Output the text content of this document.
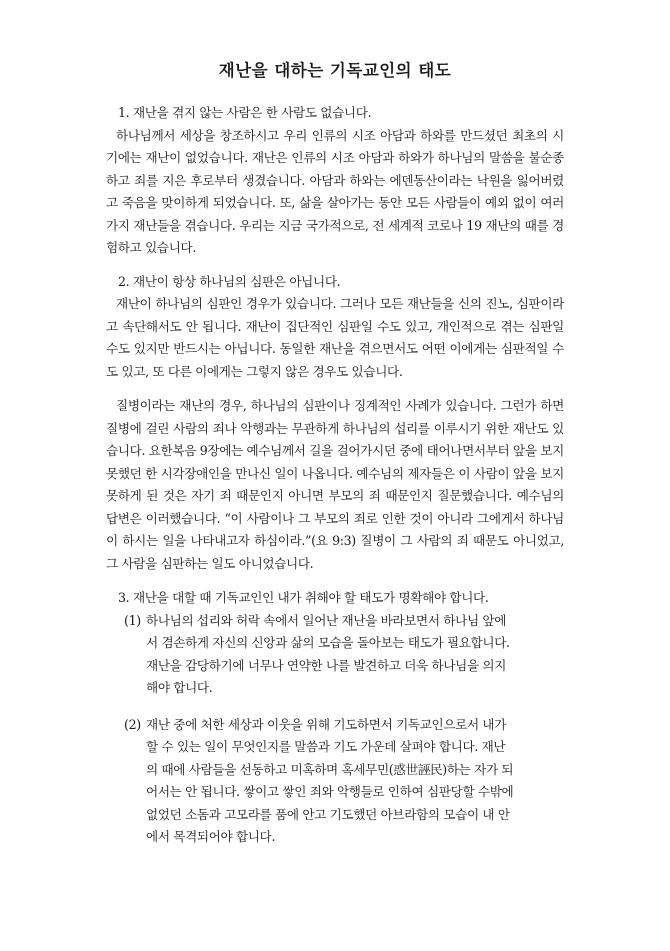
재난을 대하는 기독교인의 태도

1. 재난을 겪지 않는 사람은 한 사람도 없습니다.

하나님께서 세상을 창조하시고 우리 인류의 시조 아담과 하와를 만드셨던 최초의 시기에는 재난이 없었습니다. 재난은 인류의 시조 아담과 하와가 하나님의 말씀을 불순종하고 죄를 지은 후로부터 생겼습니다. 아담과 하와는 에덴동산이라는 낙원을 잃어버렸고 죽음을 맞이하게 되었습니다. 또, 삶을 살아가는 동안 모든 사람들이 예외 없이 여러 가지 재난들을 겪습니다. 우리는 지금 국가적으로, 전 세계적 코로나 19 재난의 때를 경험하고 있습니다.

2. 재난이 항상 하나님의 심판은 아닙니다.

재난이 하나님의 심판인 경우가 있습니다. 그러나 모든 재난들을 신의 진노, 심판이라고 속단해서도 안 됩니다. 재난이 집단적인 심판일 수도 있고, 개인적으로 겪는 심판일 수도 있지만 반드시는 아닙니다. 동일한 재난을 겪으면서도 어떤 이에게는 심판적일 수도 있고, 또 다른 이에게는 그렇지 않은 경우도 있습니다.

질병이라는 재난의 경우, 하나님의 심판이나 징계적인 사례가 있습니다. 그런가 하면 질병에 걸린 사람의 죄나 악행과는 무관하게 하나님의 섭리를 이루시기 위한 재난도 있습니다. 요한복음 9장에는 예수님께서 길을 걸어가시던 중에 태어나면서부터 앞을 보지 못했던 한 시각장애인을 만나신 일이 나옵니다. 예수님의 제자들은 이 사람이 앞을 보지 못하게 된 것은 자기 죄 때문인지 아니면 부모의 죄 때문인지 질문했습니다. 예수님의 답변은 이러했습니다. “이 사람이나 그 부모의 죄로 인한 것이 아니라 그에게서 하나님이 하시는 일을 나타내고자 하심이라.”(요 9:3) 질병이 그 사람의 죄 때문도 아니었고, 그 사람을 심판하는 일도 아니었습니다.

3. 재난을 대할 때 기독교인인 내가 취해야 할 태도가 명확해야 합니다.

(1) 하나님의 섭리와 허락 속에서 일어난 재난을 바라보면서 하나님 앞에서 겸손하게 자신의 신앙과 삶의 모습을 돌아보는 태도가 필요합니다. 재난을 감당하기에 너무나 연약한 나를 발견하고 더욱 하나님을 의지해야 합니다.

(2) 재난 중에 처한 세상과 이웃을 위해 기도하면서 기독교인으로서 내가 할 수 있는 일이 무엇인지를 말씀과 기도 가운데 살펴야 합니다. 재난의 때에 사람들을 선동하고 미혹하며 혹세무민(惑世誣民)하는 자가 되어서는 안 됩니다. 쌓이고 쌓인 죄와 악행들로 인하여 심판당할 수밖에 없었던 소돔과 고모라를 품에 안고 기도했던 아브라함의 모습이 내 안에서 목격되어야 합니다.
